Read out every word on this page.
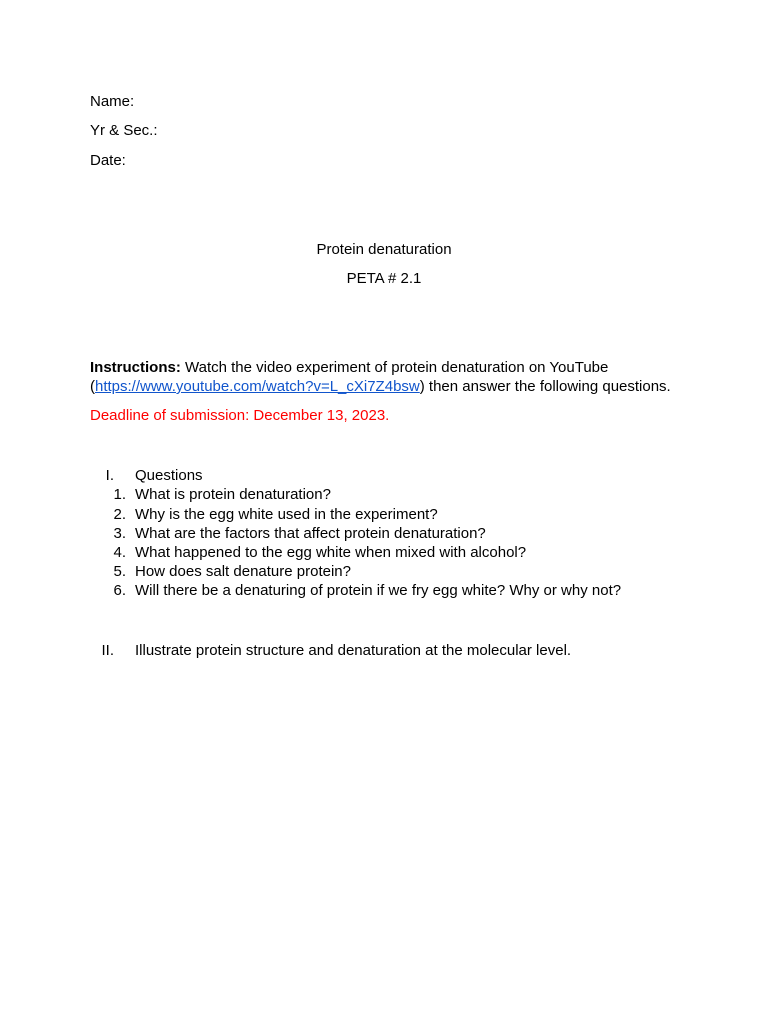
Name:
Yr & Sec.:
Date:
Protein denaturation
PETA # 2.1
Instructions: Watch the video experiment of protein denaturation on YouTube
(https://www.youtube.com/watch?v=L_cXi7Z4bsw) then answer the following questions.
Deadline of submission: December 13, 2023.
I. Questions
1. What is protein denaturation?
2. Why is the egg white used in the experiment?
3. What are the factors that affect protein denaturation?
4. What happened to the egg white when mixed with alcohol?
5. How does salt denature protein?
6. Will there be a denaturing of protein if we fry egg white? Why or why not?
II. Illustrate protein structure and denaturation at the molecular level.
